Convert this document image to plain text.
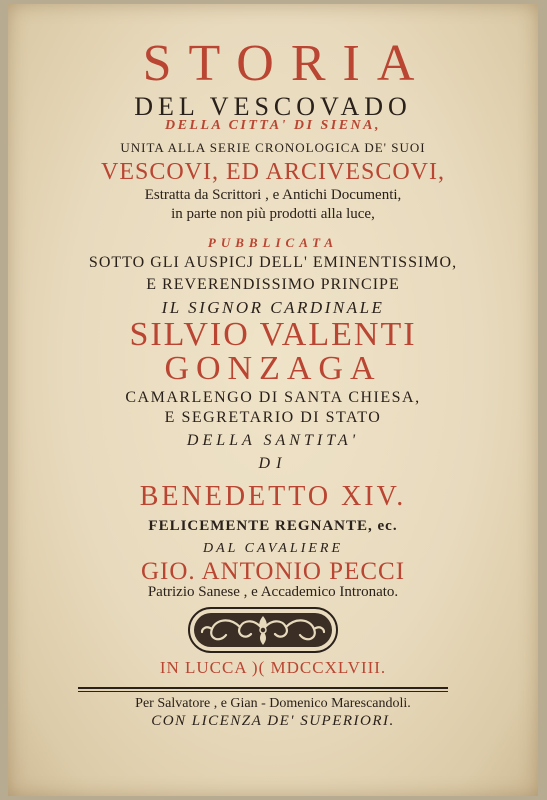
STORIA

DEL VESCOVADO

DELLA CITTA' DI SIENA,

UNITA ALLA SERIE CRONOLOGICA DE' SUOI

VESCOVI, ED ARCIVESCOVI,

Estratta da Scrittori , e Antichi Documenti,

in parte non più prodotti alla luce,

PUBBLICATA

SOTTO GLI AUSPICJ DELL' EMINENTISSIMO,

E REVERENDISSIMO PRINCIPE

IL SIGNOR CARDINALE

SILVIO VALENTI

GONZAGA

CAMARLENGO DI SANTA CHIESA,

E SEGRETARIO DI STATO

DELLA SANTITA'

DI

BENEDETTO XIV.

FELICEMENTE REGNANTE, ec.

DAL CAVALIERE

GIO. ANTONIO PECCI

Patrizio Sanese , e Accademico Intronato.

IN LUCCA )( MDCCXLVIII.

Per Salvatore , e Gian - Domenico Marescandoli.

CON LICENZA DE' SUPERIORI.
